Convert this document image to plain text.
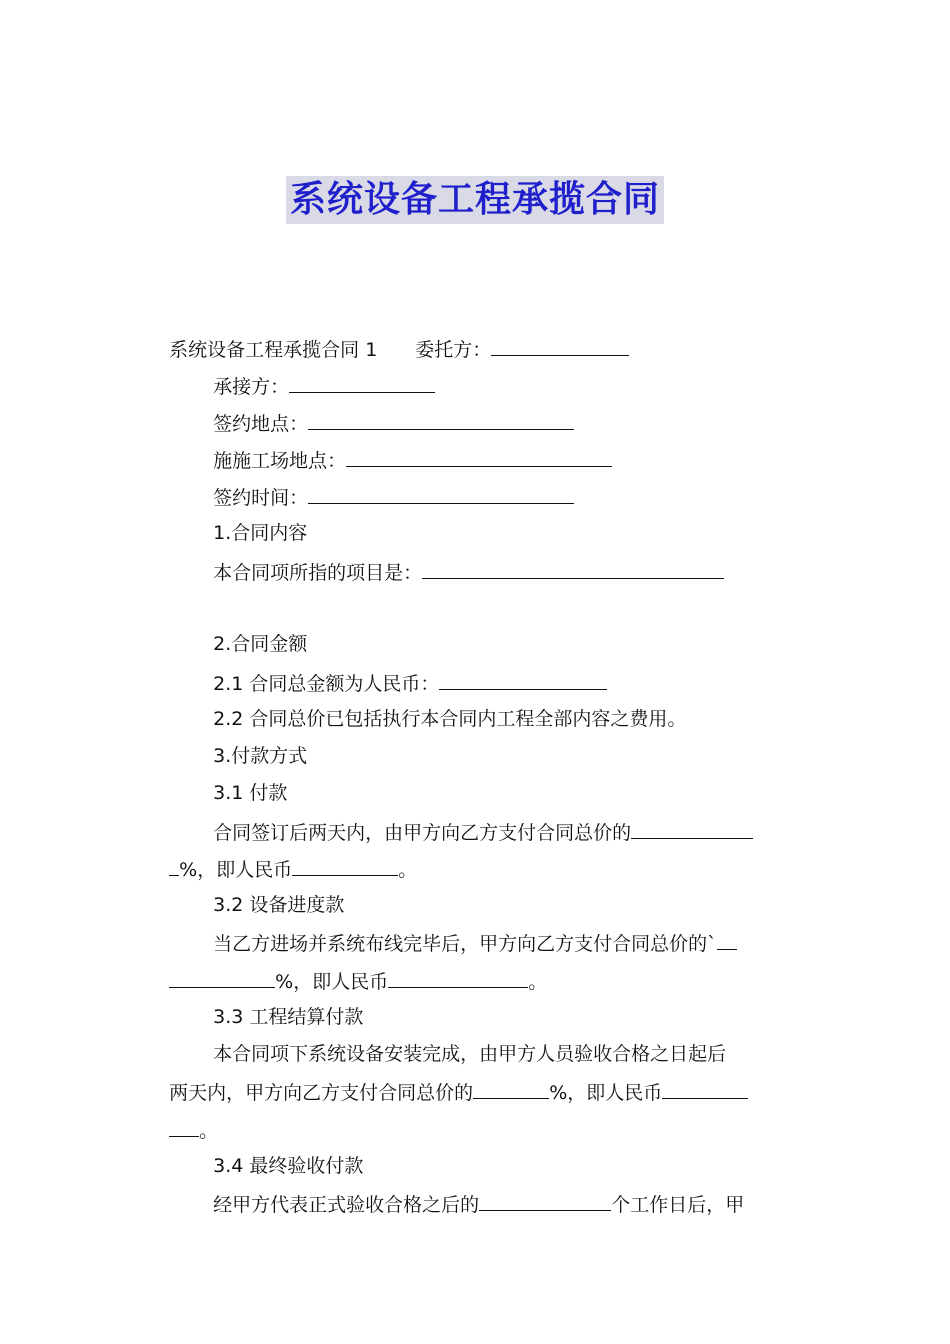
系统设备工程承揽合同

系统设备工程承揽合同 1　　委托方：

承接方：

签约地点：

施施工场地点：

签约时间：

1.合同内容

本合同项所指的项目是：

2.合同金额

2.1 合同总金额为人民币：

2.2 合同总价已包括执行本合同内工程全部内容之费用。

3.付款方式

3.1 付款

合同签订后两天内，由甲方向乙方支付合同总价的

%，即人民币	。

3.2 设备进度款

当乙方进场并系统布线完毕后，甲方向乙方支付合同总价的`

%，即人民币	。

3.3 工程结算付款

本合同项下系统设备安装完成，由甲方人员验收合格之日起后

两天内，甲方向乙方支付合同总价的	%，即人民币

。

3.4 最终验收付款

经甲方代表正式验收合格之后的	个工作日后，甲
